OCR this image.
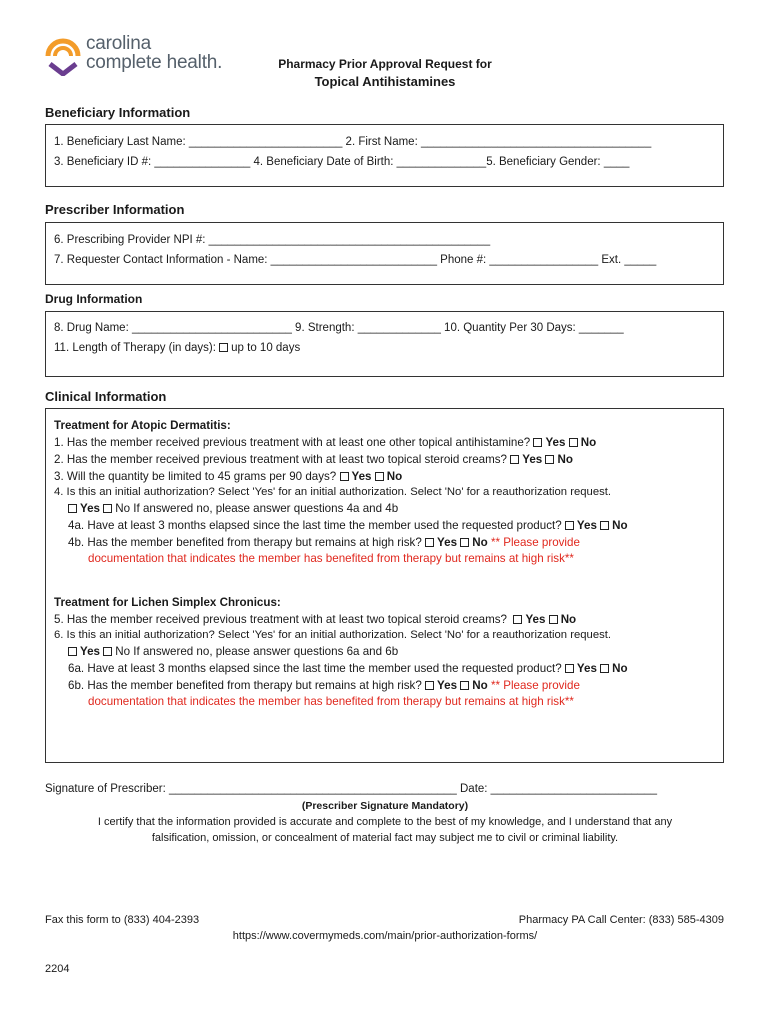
carolina
complete health.	Pharmacy Prior Approval Request for
Topical Antihistamines
Beneficiary Information
1. Beneficiary Last Name: ________________________ 2. First Name: ____________________________________
3. Beneficiary ID #: _______________ 4. Beneficiary Date of Birth: ______________5. Beneficiary Gender: ____
Prescriber Information
6. Prescribing Provider NPI #: ____________________________________________
7. Requester Contact Information - Name: __________________________ Phone #: _________________ Ext. _____
Drug Information
8. Drug Name: _________________________ 9. Strength: _____________ 10. Quantity Per 30 Days: _______
11. Length of Therapy (in days): up to 10 days
Clinical Information
Treatment for Atopic Dermatitis:
1. Has the member received previous treatment with at least one other topical antihistamine? Yes No
2. Has the member received previous treatment with at least two topical steroid creams? Yes No
3. Will the quantity be limited to 45 grams per 90 days? Yes No
4. Is this an initial authorization? Select 'Yes' for an initial authorization. Select 'No' for a reauthorization request.
Yes No If answered no, please answer questions 4a and 4b
4a. Have at least 3 months elapsed since the last time the member used the requested product? Yes No
4b. Has the member benefited from therapy but remains at high risk? Yes No ** Please provide
documentation that indicates the member has benefited from therapy but remains at high risk**
Treatment for Lichen Simplex Chronicus:
5. Has the member received previous treatment with at least two topical steroid creams? Yes No
6. Is this an initial authorization? Select 'Yes' for an initial authorization. Select 'No' for a reauthorization request.
Yes No If answered no, please answer questions 6a and 6b
6a. Have at least 3 months elapsed since the last time the member used the requested product? Yes No
6b. Has the member benefited from therapy but remains at high risk? Yes No ** Please provide
documentation that indicates the member has benefited from therapy but remains at high risk**
Signature of Prescriber: _____________________________________________ Date: __________________________
(Prescriber Signature Mandatory)
I certify that the information provided is accurate and complete to the best of my knowledge, and I understand that any
falsification, omission, or concealment of material fact may subject me to civil or criminal liability.
Fax this form to (833) 404-2393	Pharmacy PA Call Center: (833) 585-4309
https://www.covermymeds.com/main/prior-authorization-forms/
2204
